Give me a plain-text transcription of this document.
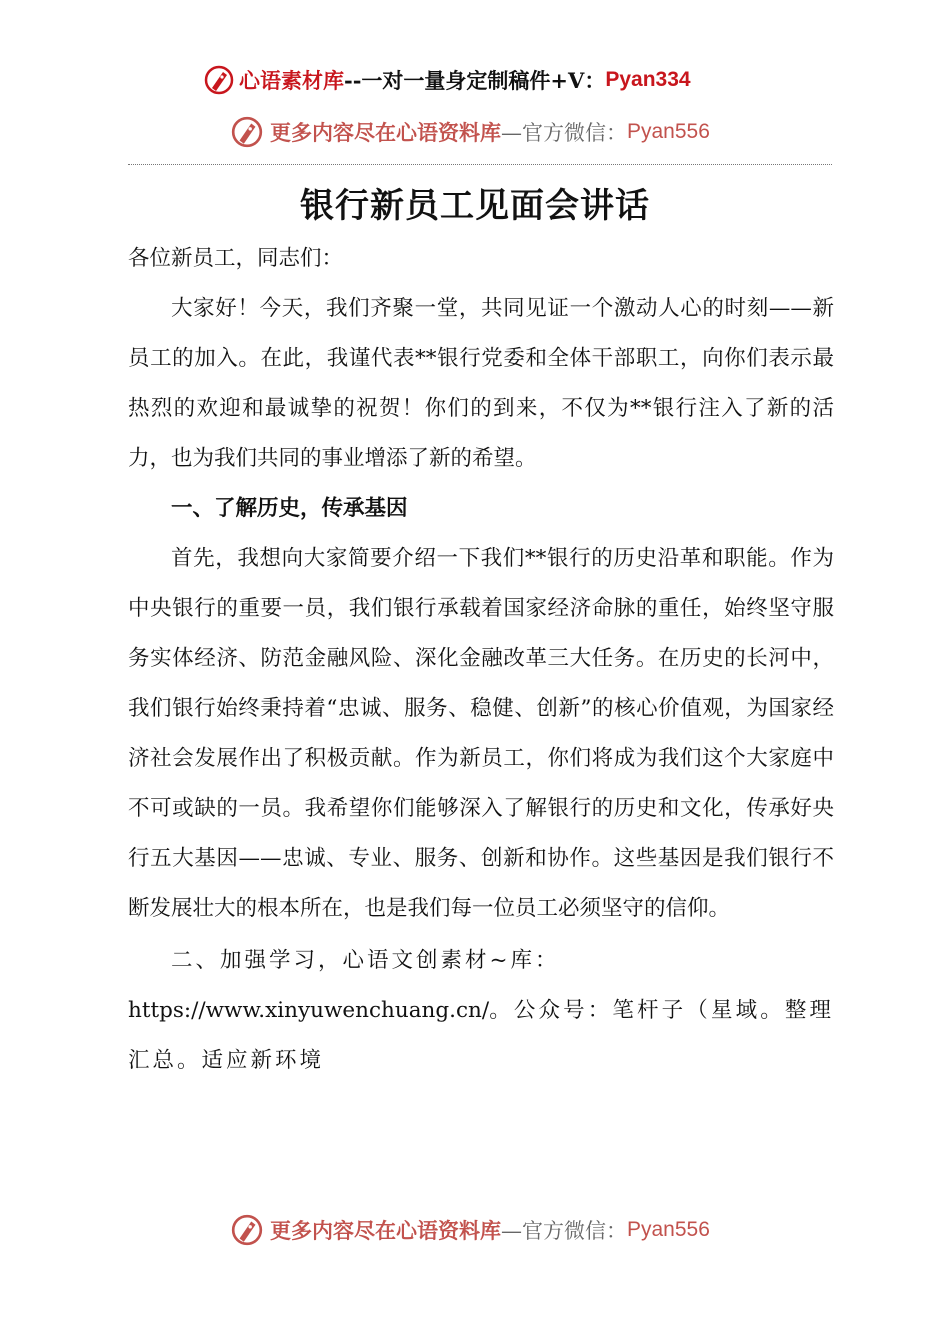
心语素材库 --一对一量身定制稿件+V： Pyan334
更多内容尽在心语资料库 —官方微信： Pyan556
银行新员工见面会讲话

各位新员工，同志们：

大家好！今天，我们齐聚一堂，共同见证一个激动人心的时刻——新员工的加入。在此，我谨代表**银行党委和全体干部职工，向你们表示最热烈的欢迎和最诚挚的祝贺！你们的到来，不仅为**银行注入了新的活力，也为我们共同的事业增添了新的希望。

一、了解历史，传承基因

首先，我想向大家简要介绍一下我们**银行的历史沿革和职能。作为中央银行的重要一员，我们银行承载着国家经济命脉的重任，始终坚守服务实体经济、防范金融风险、深化金融改革三大任务。在历史的长河中，我们银行始终秉持着“忠诚、服务、稳健、创新”的核心价值观，为国家经济社会发展作出了积极贡献。作为新员工，你们将成为我们这个大家庭中不可或缺的一员。我希望你们能够深入了解银行的历史和文化，传承好央行五大基因——忠诚、专业、服务、创新和协作。这些基因是我们银行不断发展壮大的根本所在，也是我们每一位员工必须坚守的信仰。

二、加强学习，心语文创素材~库：

https://www.xinyuwenchuang.cn/。公众号：笔杆子（星域。整理汇总。适应新环境

更多内容尽在心语资料库 —官方微信： Pyan556
